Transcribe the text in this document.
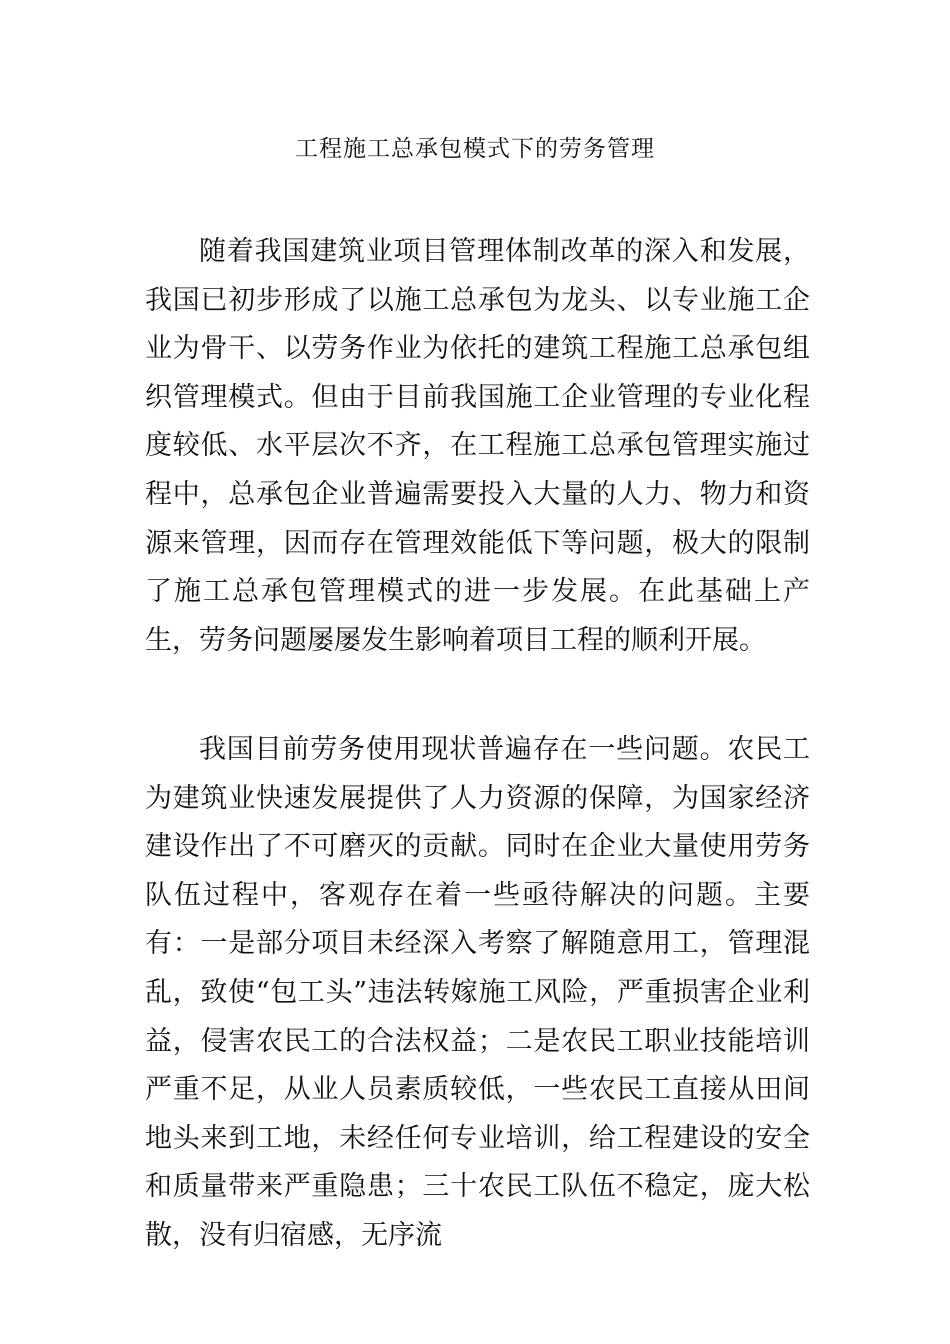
工程施工总承包模式下的劳务管理

随着我国建筑业项目管理体制改革的深入和发展，我国已初步形成了以施工总承包为龙头、以专业施工企业为骨干、以劳务作业为依托的建筑工程施工总承包组织管理模式。但由于目前我国施工企业管理的专业化程度较低、水平层次不齐，在工程施工总承包管理实施过程中，总承包企业普遍需要投入大量的人力、物力和资源来管理，因而存在管理效能低下等问题，极大的限制了施工总承包管理模式的进一步发展。在此基础上产生，劳务问题屡屡发生影响着项目工程的顺利开展。

我国目前劳务使用现状普遍存在一些问题。农民工为建筑业快速发展提供了人力资源的保障，为国家经济建设作出了不可磨灭的贡献。同时在企业大量使用劳务队伍过程中，客观存在着一些亟待解决的问题。主要有：一是部分项目未经深入考察了解随意用工，管理混乱，致使“包工头”违法转嫁施工风险，严重损害企业利益，侵害农民工的合法权益；二是农民工职业技能培训严重不足，从业人员素质较低，一些农民工直接从田间地头来到工地，未经任何专业培训，给工程建设的安全和质量带来严重隐患；三十农民工队伍不稳定，庞大松散，没有归宿感，无序流
